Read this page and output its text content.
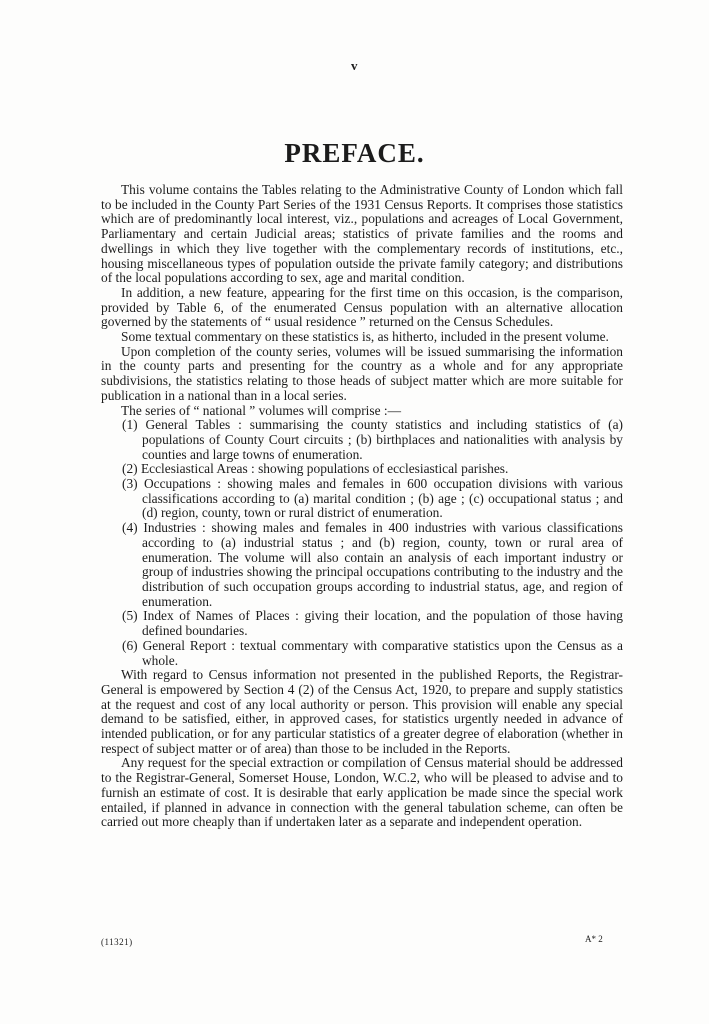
v
PREFACE.

This volume contains the Tables relating to the Administrative County of London which fall to be included in the County Part Series of the 1931 Census Reports. It comprises those statistics which are of predominantly local interest, viz., populations and acreages of Local Government, Parliamentary and certain Judicial areas; statistics of private families and the rooms and dwellings in which they live together with the complementary records of institutions, etc., housing miscellaneous types of population outside the private family category; and distributions of the local populations according to sex, age and marital condition.

In addition, a new feature, appearing for the first time on this occasion, is the comparison, provided by Table 6, of the enumerated Census population with an alternative allocation governed by the statements of “ usual residence ” returned on the Census Schedules.

Some textual commentary on these statistics is, as hitherto, included in the present volume.

Upon completion of the county series, volumes will be issued summarising the information in the county parts and presenting for the country as a whole and for any appropriate subdivisions, the statistics relating to those heads of subject matter which are more suitable for publication in a national than in a local series.

The series of “ national ” volumes will comprise :—

(1) General Tables : summarising the county statistics and including statistics of (a) populations of County Court circuits ; (b) birthplaces and nationalities with analysis by counties and large towns of enumeration.
(2) Ecclesiastical Areas : showing populations of ecclesiastical parishes.
(3) Occupations : showing males and females in 600 occupation divisions with various classifications according to (a) marital condition ; (b) age ; (c) occupational status ; and (d) region, county, town or rural district of enumeration.
(4) Industries : showing males and females in 400 industries with various classifications according to (a) industrial status ; and (b) region, county, town or rural area of enumeration. The volume will also contain an analysis of each important industry or group of industries showing the principal occupations contributing to the industry and the distribution of such occupation groups according to industrial status, age, and region of enumeration.
(5) Index of Names of Places : giving their location, and the population of those having defined boundaries.
(6) General Report : textual commentary with comparative statistics upon the Census as a whole.

With regard to Census information not presented in the published Reports, the Registrar-General is empowered by Section 4 (2) of the Census Act, 1920, to prepare and supply statistics at the request and cost of any local authority or person. This provision will enable any special demand to be satisfied, either, in approved cases, for statistics urgently needed in advance of intended publication, or for any particular statistics of a greater degree of elaboration (whether in respect of subject matter or of area) than those to be included in the Reports.

Any request for the special extraction or compilation of Census material should be addressed to the Registrar-General, Somerset House, London, W.C.2, who will be pleased to advise and to furnish an estimate of cost. It is desirable that early application be made since the special work entailed, if planned in advance in connection with the general tabulation scheme, can often be carried out more cheaply than if undertaken later as a separate and independent operation.

(11321)	A* 2
